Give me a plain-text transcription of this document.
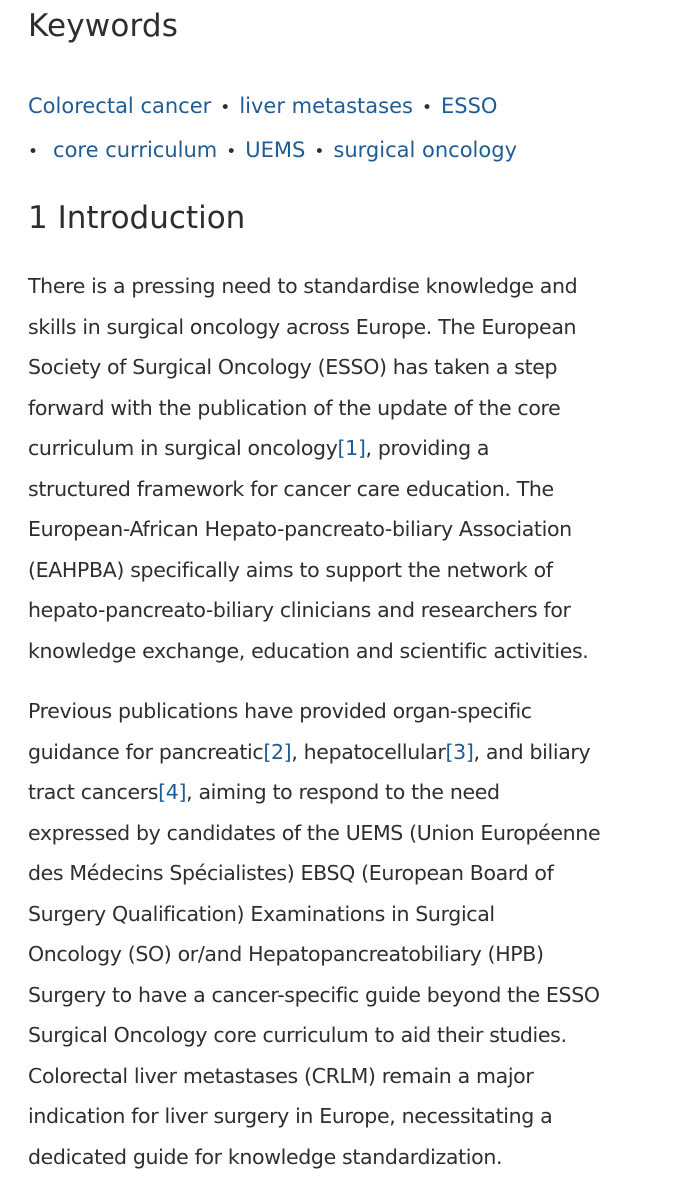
Keywords
Colorectal cancer • liver metastases • ESSO
• core curriculum • UEMS • surgical oncology
1 Introduction

There is a pressing need to standardise knowledge and
skills in surgical oncology across Europe. The European
Society of Surgical Oncology (ESSO) has taken a step
forward with the publication of the update of the core
curriculum in surgical oncology[1], providing a
structured framework for cancer care education. The
European-African Hepato-pancreato-biliary Association
(EAHPBA) specifically aims to support the network of
hepato-pancreato-biliary clinicians and researchers for
knowledge exchange, education and scientific activities.

Previous publications have provided organ-specific
guidance for pancreatic[2], hepatocellular[3], and biliary
tract cancers[4], aiming to respond to the need
expressed by candidates of the UEMS (Union Européenne
des Médecins Spécialistes) EBSQ (European Board of
Surgery Qualification) Examinations in Surgical
Oncology (SO) or/and Hepatopancreatobiliary (HPB)
Surgery to have a cancer-specific guide beyond the ESSO
Surgical Oncology core curriculum to aid their studies.
Colorectal liver metastases (CRLM) remain a major
indication for liver surgery in Europe, necessitating a
dedicated guide for knowledge standardization.
